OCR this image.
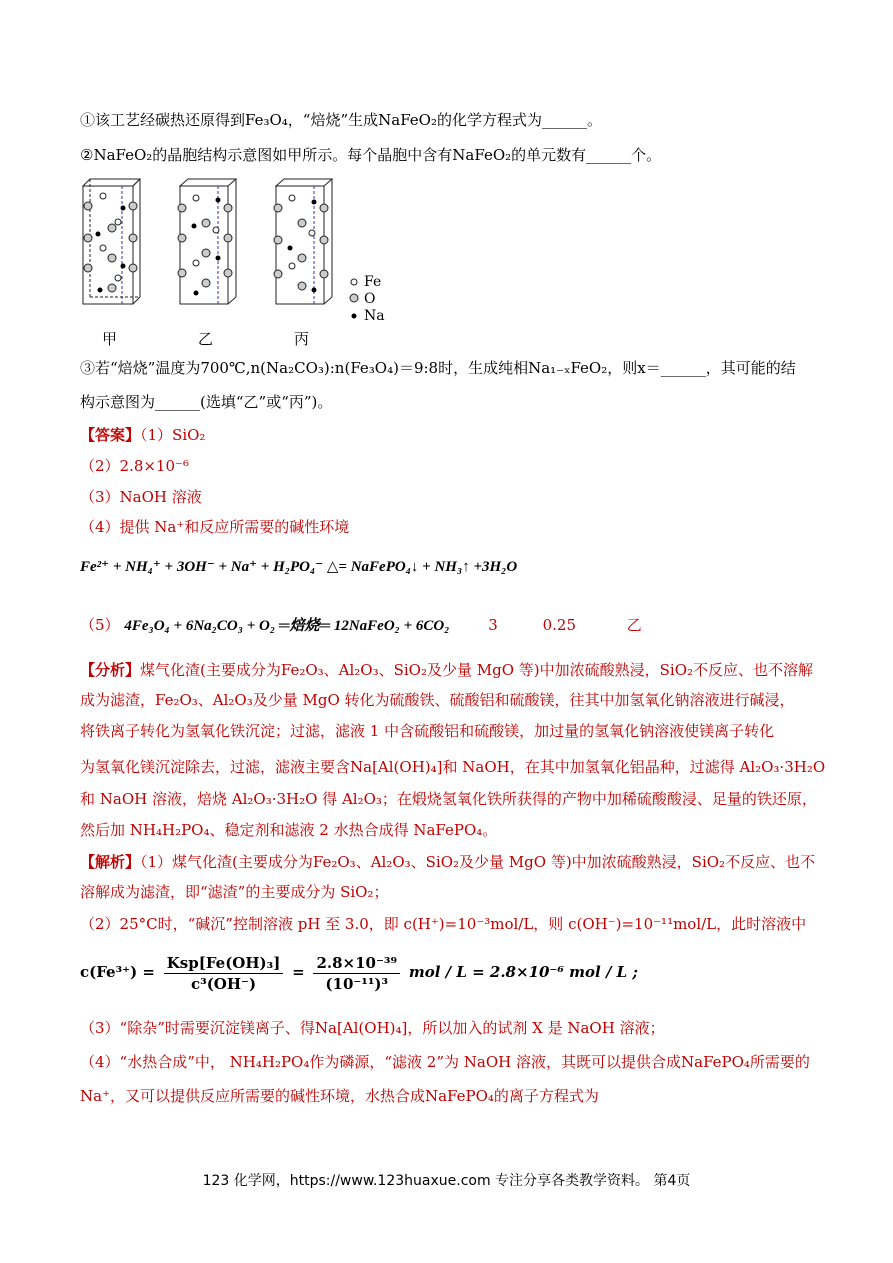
①该工艺经碳热还原得到Fe₃O₄，“焙烧”生成NaFeO₂的化学方程式为______。
②NaFeO₂的晶胞结构示意图如甲所示。每个晶胞中含有NaFeO₂的单元数有______个。
Fe
O
Na
甲	乙	丙
③若“焙烧”温度为700℃,n(Na₂CO₃):n(Fe₃O₄)＝9:8时，生成纯相Na₁₋ₓFeO₂，则x＝______，其可能的结
构示意图为______(选填“乙”或“丙”)。
【答案】（1）SiO₂
（2）2.8×10⁻⁶
（3）NaOH 溶液
（4）提供 Na⁺和反应所需要的碱性环境
Fe²⁺ + NH₄⁺ + 3OH⁻ + Na⁺ + H₂PO₄⁻ △= NaFePO₄↓ + NH₃↑ +3H₂O
（5） 4Fe₃O₄ + 6Na₂CO₃ + O₂ ═焙烧═ 12NaFeO₂ + 6CO₂	3	0.25	乙
【分析】煤气化渣(主要成分为Fe₂O₃、Al₂O₃、SiO₂及少量 MgO 等)中加浓硫酸熟浸，SiO₂不反应、也不溶解
成为滤渣，Fe₂O₃、Al₂O₃及少量 MgO 转化为硫酸铁、硫酸铝和硫酸镁，往其中加氢氧化钠溶液进行碱浸，
将铁离子转化为氢氧化铁沉淀；过滤，滤液 1 中含硫酸铝和硫酸镁，加过量的氢氧化钠溶液使镁离子转化
为氢氧化镁沉淀除去，过滤，滤液主要含Na[Al(OH)₄]和 NaOH，在其中加氢氧化铝晶种，过滤得 Al₂O₃·3H₂O
和 NaOH 溶液，焙烧 Al₂O₃·3H₂O 得 Al₂O₃；在煅烧氢氧化铁所获得的产物中加稀硫酸酸浸、足量的铁还原，
然后加 NH₄H₂PO₄、稳定剂和滤液 2 水热合成得 NaFePO₄。
【解析】（1）煤气化渣(主要成分为Fe₂O₃、Al₂O₃、SiO₂及少量 MgO 等)中加浓硫酸熟浸，SiO₂不反应、也不
溶解成为滤渣，即“滤渣”的主要成分为 SiO₂；
（2）25°C时，“碱沉”控制溶液 pH 至 3.0，即 c(H⁺)=10⁻³mol/L，则 c(OH⁻)=10⁻¹¹mol/L，此时溶液中
$c(Fe^{3+}) = \frac{\text{Ksp[Fe(OH)₃]}}{\text{c³(OH⁻)}} = \frac{\text{2.8×10⁻³⁹}}{\text{(10⁻¹¹)³}}$ mol / L = 2.8×10⁻⁶ mol / L ;
（3）“除杂”时需要沉淀镁离子、得Na[Al(OH)₄]，所以加入的试剂 X 是 NaOH 溶液；
（4）“水热合成”中， NH₄H₂PO₄作为磷源，“滤液 2”为 NaOH 溶液，其既可以提供合成NaFePO₄所需要的
Na⁺，又可以提供反应所需要的碱性环境，水热合成NaFePO₄的离子方程式为
123 化学网，https://www.123huaxue.com 专注分享各类教学资料。 第4页
